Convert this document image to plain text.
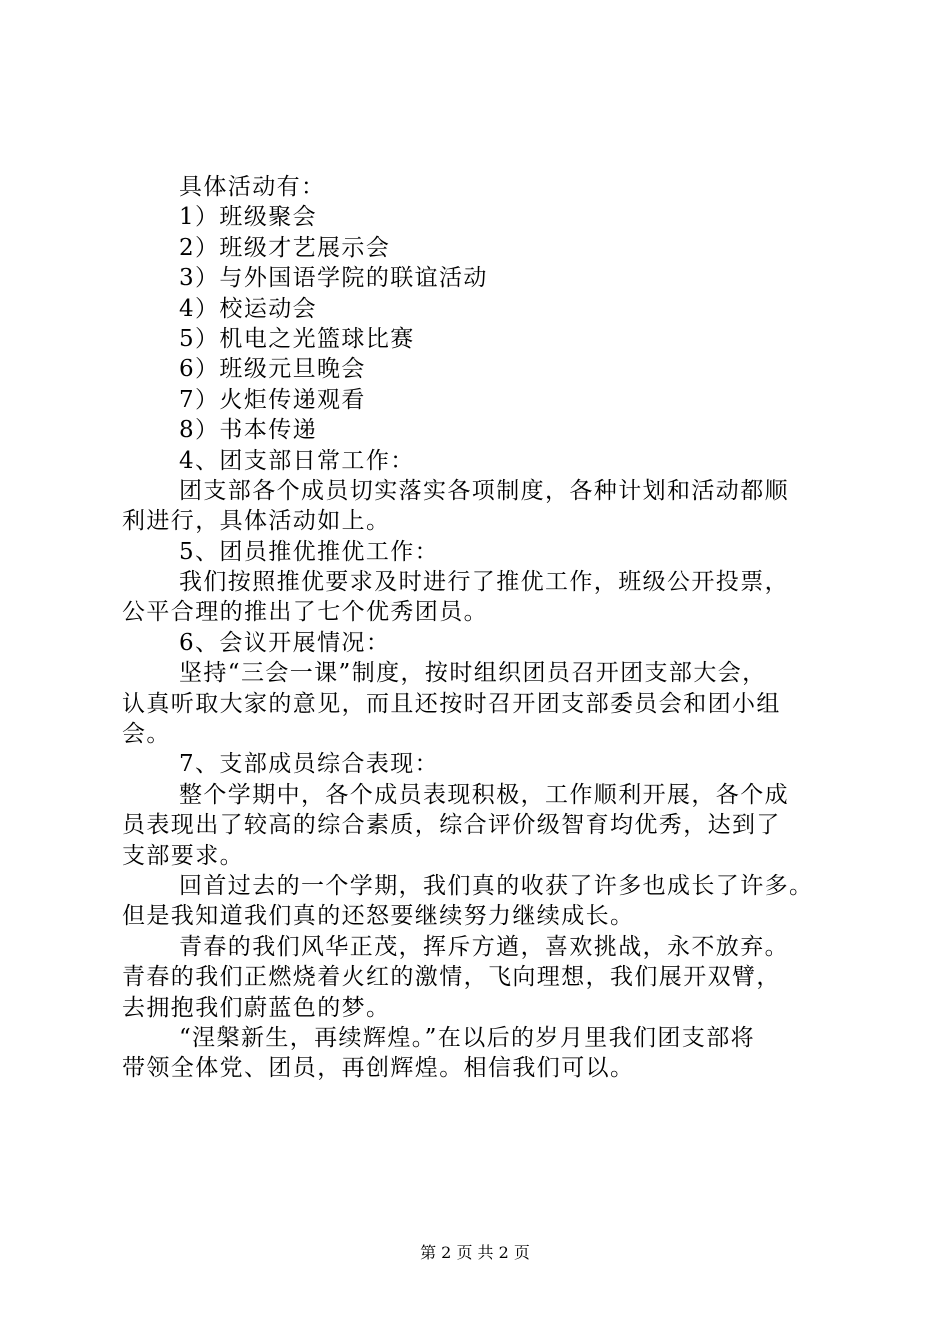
具体活动有：
1）班级聚会
2）班级才艺展示会
3）与外国语学院的联谊活动
4）校运动会
5）机电之光篮球比赛
6）班级元旦晚会
7）火炬传递观看
8）书本传递
4、团支部日常工作：
团支部各个成员切实落实各项制度，各种计划和活动都顺
利进行，具体活动如上。
5、团员推优推优工作：
我们按照推优要求及时进行了推优工作，班级公开投票，
公平合理的推出了七个优秀团员。
6、会议开展情况：
坚持“三会一课”制度，按时组织团员召开团支部大会，
认真听取大家的意见，而且还按时召开团支部委员会和团小组
会。
7、支部成员综合表现：
整个学期中，各个成员表现积极，工作顺利开展，各个成
员表现出了较高的综合素质，综合评价级智育均优秀，达到了
支部要求。
回首过去的一个学期，我们真的收获了许多也成长了许多。
但是我知道我们真的还怒要继续努力继续成长。
青春的我们风华正茂，挥斥方遒，喜欢挑战，永不放弃。
青春的我们正燃烧着火红的激情，飞向理想，我们展开双臂，
去拥抱我们蔚蓝色的梦。
“涅槃新生，再续辉煌。”在以后的岁月里我们团支部将
带领全体党、团员，再创辉煌。相信我们可以。
第 2 页 共 2 页
